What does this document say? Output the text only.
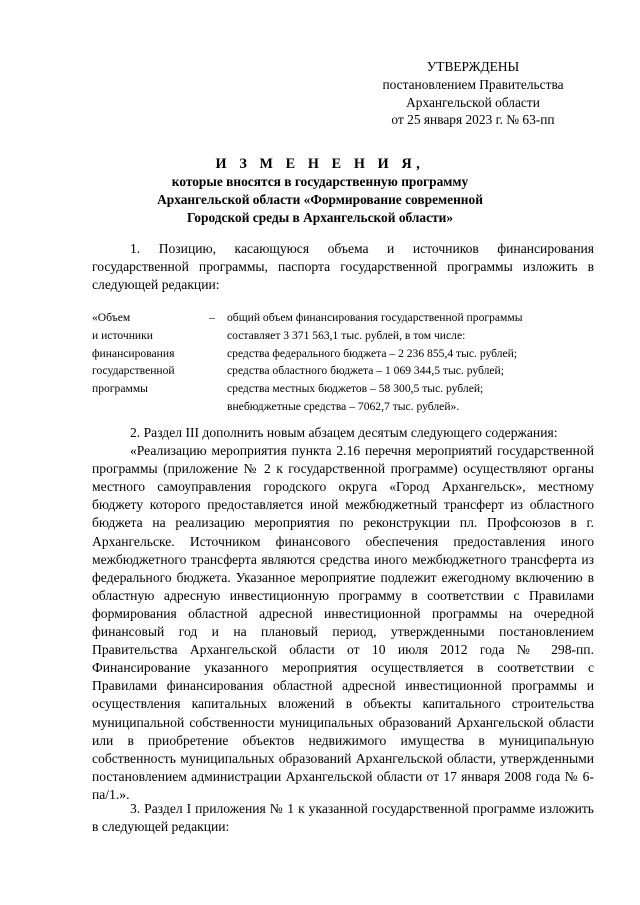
УТВЕРЖДЕНЫ
постановлением Правительства
Архангельской области
от 25 января 2023 г. № 63-пп
И З М Е Н Е Н И Я,
которые вносятся в государственную программу
Архангельской области «Формирование современной
Городской среды в Архангельской области»
1. Позицию, касающуюся объема и источников финансирования государственной программы, паспорта государственной программы изложить в следующей редакции:
«Объем
и источники
финансирования
государственной
программы
– общий объем финансирования государственной программы
составляет 3 371 563,1 тыс. рублей, в том числе:
средства федерального бюджета – 2 236 855,4 тыс. рублей;
средства областного бюджета – 1 069 344,5 тыс. рублей;
средства местных бюджетов – 58 300,5 тыс. рублей;
внебюджетные средства – 7062,7 тыс. рублей».
2. Раздел III дополнить новым абзацем десятым следующего содержания:
«Реализацию мероприятия пункта 2.16 перечня мероприятий государственной программы (приложение № 2 к государственной программе) осуществляют органы местного самоуправления городского округа «Город Архангельск», местному бюджету которого предоставляется иной межбюджетный трансферт из областного бюджета на реализацию мероприятия по реконструкции пл. Профсоюзов в г. Архангельске. Источником финансового обеспечения предоставления иного межбюджетного трансферта являются средства иного межбюджетного трансферта из федерального бюджета. Указанное мероприятие подлежит ежегодному включению в областную адресную инвестиционную программу в соответствии с Правилами формирования областной адресной инвестиционной программы на очередной финансовый год и на плановый период, утвержденными постановлением Правительства Архангельской области от 10 июля 2012 года № 298-пп. Финансирование указанного мероприятия осуществляется в соответствии с Правилами финансирования областной адресной инвестиционной программы и осуществления капитальных вложений в объекты капитального строительства муниципальной собственности муниципальных образований Архангельской области или в приобретение объектов недвижимого имущества в муниципальную собственность муниципальных образований Архангельской области, утвержденными постановлением администрации Архангельской области от 17 января 2008 года № 6-па/1.».
3. Раздел I приложения № 1 к указанной государственной программе изложить в следующей редакции:
